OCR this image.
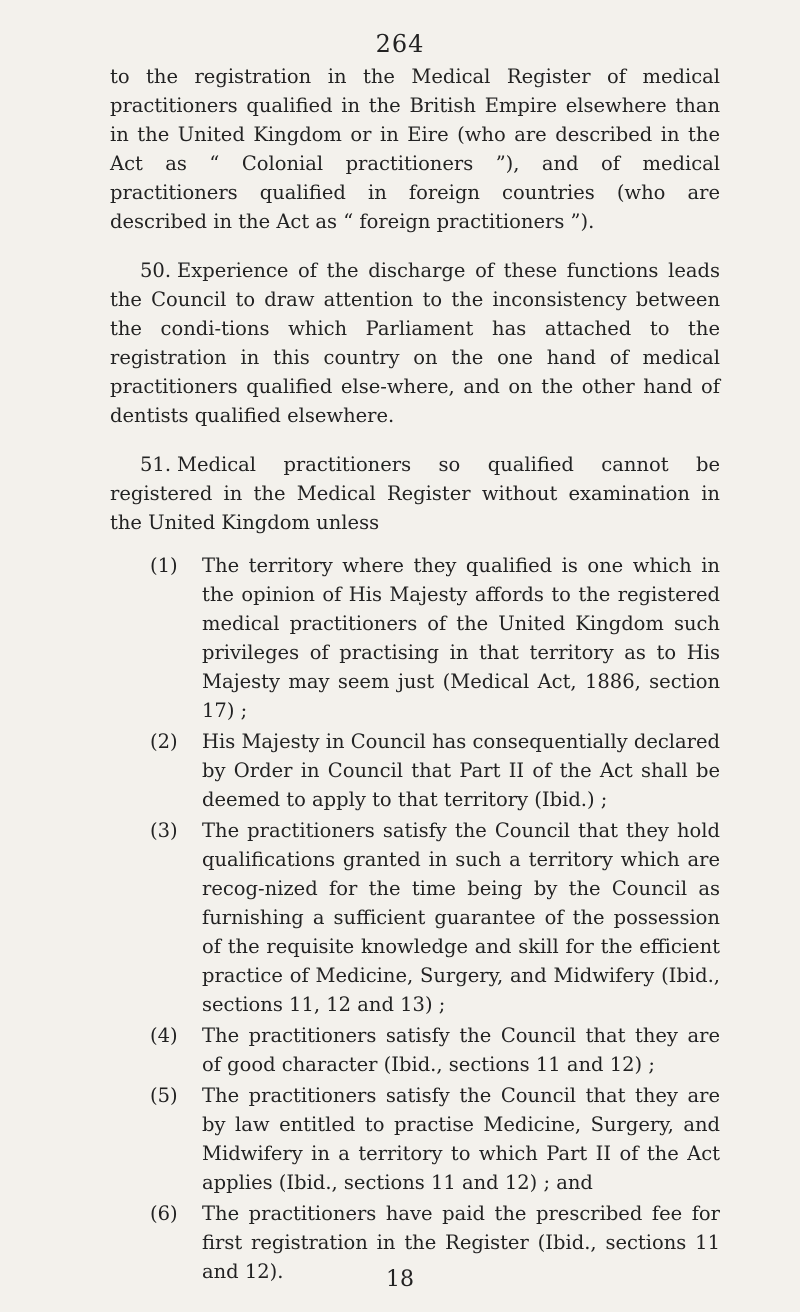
264

to the registration in the Medical Register of medical practitioners qualified in the British Empire elsewhere than in the United Kingdom or in Eire (who are described in the Act as “ Colonial practitioners ”), and of medical practitioners qualified in foreign countries (who are described in the Act as “ foreign practitioners ”).

50. Experience of the discharge of these functions leads the Council to draw attention to the inconsistency between the condi-tions which Parliament has attached to the registration in this country on the one hand of medical practitioners qualified else-where, and on the other hand of dentists qualified elsewhere.

51. Medical practitioners so qualified cannot be registered in the Medical Register without examination in the United Kingdom unless

(1)	The territory where they qualified is one which in the opinion of His Majesty affords to the registered medical practitioners of the United Kingdom such privileges of practising in that territory as to His Majesty may seem just (Medical Act, 1886, section 17) ;
(2)	His Majesty in Council has consequentially declared by Order in Council that Part II of the Act shall be deemed to apply to that territory (Ibid.) ;
(3)	The practitioners satisfy the Council that they hold qualifications granted in such a territory which are recog-nized for the time being by the Council as furnishing a sufficient guarantee of the possession of the requisite knowledge and skill for the efficient practice of Medicine, Surgery, and Midwifery (Ibid., sections 11, 12 and 13) ;
(4)	The practitioners satisfy the Council that they are of good character (Ibid., sections 11 and 12) ;
(5)	The practitioners satisfy the Council that they are by law entitled to practise Medicine, Surgery, and Midwifery in a territory to which Part II of the Act applies (Ibid., sections 11 and 12) ; and
(6)	The practitioners have paid the prescribed fee for first registration in the Register (Ibid., sections 11 and 12).	18
